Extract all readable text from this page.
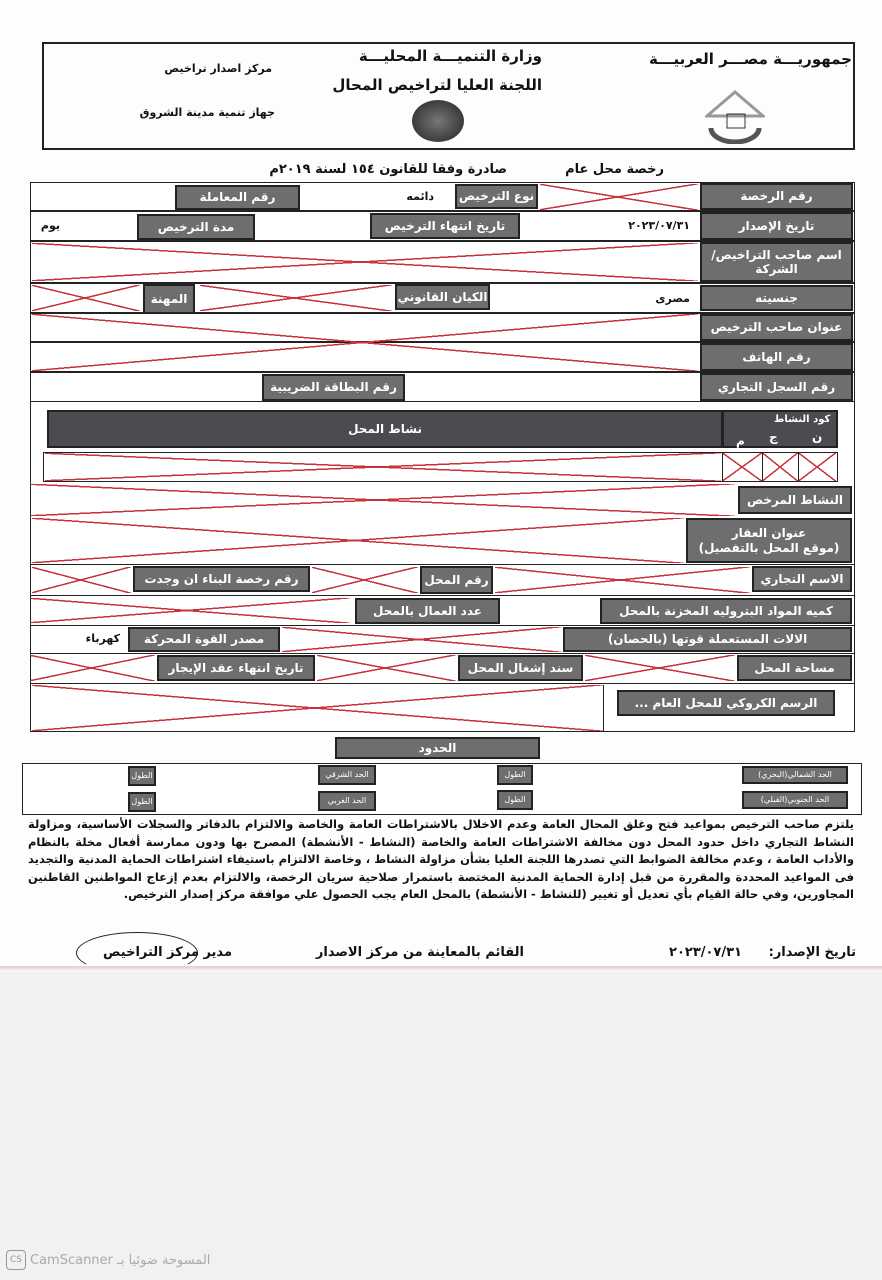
جمهوريـــة مصـــر العربيـــة
وزارة التنميـــة المحليـــة
اللجنة العليا لتراخيص المحال
مركز اصدار تراخيص
جهاز تنمية مدينة الشروق
رخصة محل عام
صادرة وفقا للقانون ١٥٤ لسنة ٢٠١٩م
رقم الرخصة
نوع الترخيص
دائمه
رقم المعاملة
تاريخ الإصدار
٢٠٢٣/٠٧/٣١
تاريخ انتهاء الترخيص
مدة الترخيص
يوم
اسم صاحب التراخيص/ الشركة
جنسيته
مصرى
الكيان القانوني
المهنة
عنوان صاحب الترخيص
رقم الهاتف
رقم السجل التجاري
رقم البطاقة الضريبية
نشاط المحل
كود النشاط
ن
ج
م
النشاط المرخص
عنوان العقار
(موقع المحل بالتفصيل)
الاسم التجاري
رقم المحل
رقم رخصة البناء ان وجدت
كميه المواد البتروليه المخزنة بالمحل
عدد العمال بالمحل
الالات المستعملة قوتها (بالحصان)
مصدر القوة المحركة
كهرباء
مساحة المحل
سند إشغال المحل
تاريخ انتهاء عقد الإيجار
الرسم الكروكي للمحل العام ...
الحدود
الحد الشمالي(البحري)
الطول
الحد الشرقي
الطول
الحد الجنوبي(القبلي)
الطول
الحد الغربي
الطول
يلتزم صاحب الترخيص بمواعيد فتح وغلق المحال العامة وعدم الاخلال بالاشتراطات العامة والخاصة والالتزام بالدفاتر والسجلات الأساسية، ومزاولة النشاط التجاري داخل حدود المحل دون مخالفة الاشتراطات العامة والخاصة (النشاط - الأنشطة) المصرح بها ودون ممارسة أفعال مخلة بالنظام والأداب العامة ، وعدم مخالفة الضوابط التي تصدرها اللجنة العليا بشأن مزاولة النشاط ، وخاصة الالتزام باستيفاء اشتراطات الحماية المدنية والتجديد فى المواعيد المحددة والمقررة من قبل إدارة الحماية المدنية المختصة باستمرار صلاحية سريان الرخصة، والالتزام بعدم إزعاج المواطنين القاطنين المجاورين، وفي حالة القيام بأي تعديل أو تغيير (للنشاط - الأنشطة) بالمحل العام يجب الحصول علي موافقة مركز إصدار الترخيص.
تاريخ الإصدار:
٢٠٢٣/٠٧/٣١
القائم بالمعاينة من مركز الاصدار
مدير مركز التراخيص
CS المسوحة ضوئيا بـ CamScanner
